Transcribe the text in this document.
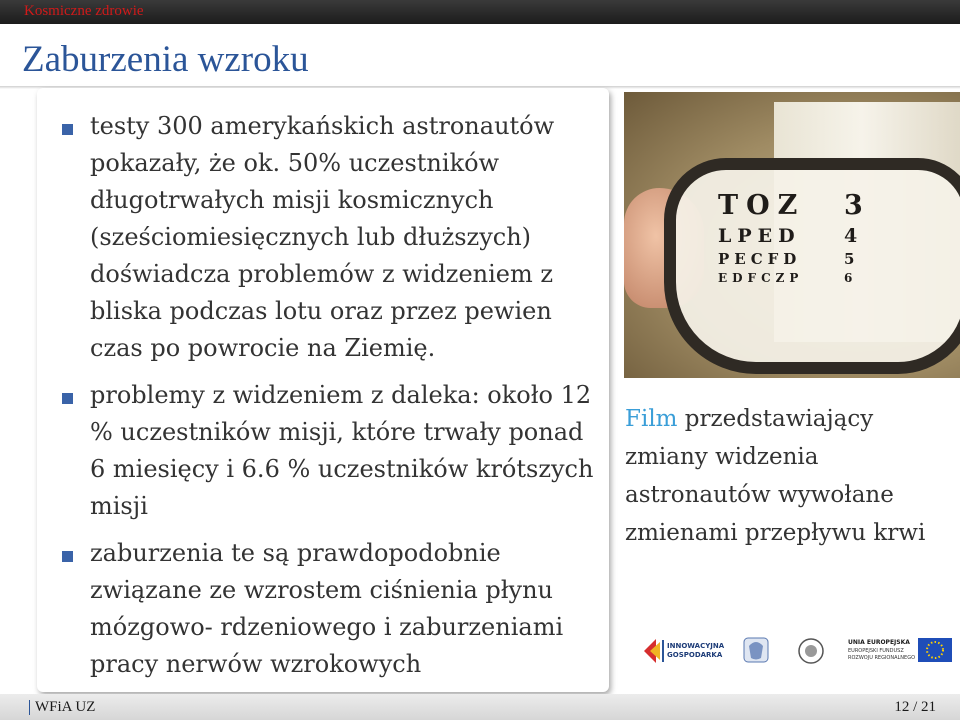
Kosmiczne zdrowie
Zaburzenia wzroku
testy 300 amerykańskich astronautów pokazały, że ok. 50% uczestników długotrwałych misji kosmicznych (sześciomiesięcznych lub dłuższych) doświadcza problemów z widzeniem z bliska podczas lotu oraz przez pewien czas po powrocie na Ziemię.
problemy z widzeniem z daleka: około 12 % uczestników misji, które trwały ponad 6 miesięcy i 6.6 % uczestników krótszych misji
zaburzenia te są prawdopodobnie związane ze wzrostem ciśnienia płynu mózgowo- rdzeniowego i zaburzeniami pracy nerwów wzrokowych
TOZ	3
LPED	4
PECFD	5
EDFCZP	6
Film przedstawiający zmiany widzenia astronautów wywołane zmienami przepływu krwi
INNOWACYJNA
GOSPODARKA
UNIA EUROPEJSKA
EUROPEJSKI FUNDUSZ
ROZWOJU REGIONALNEGO
WFiA UZ	12 / 21
